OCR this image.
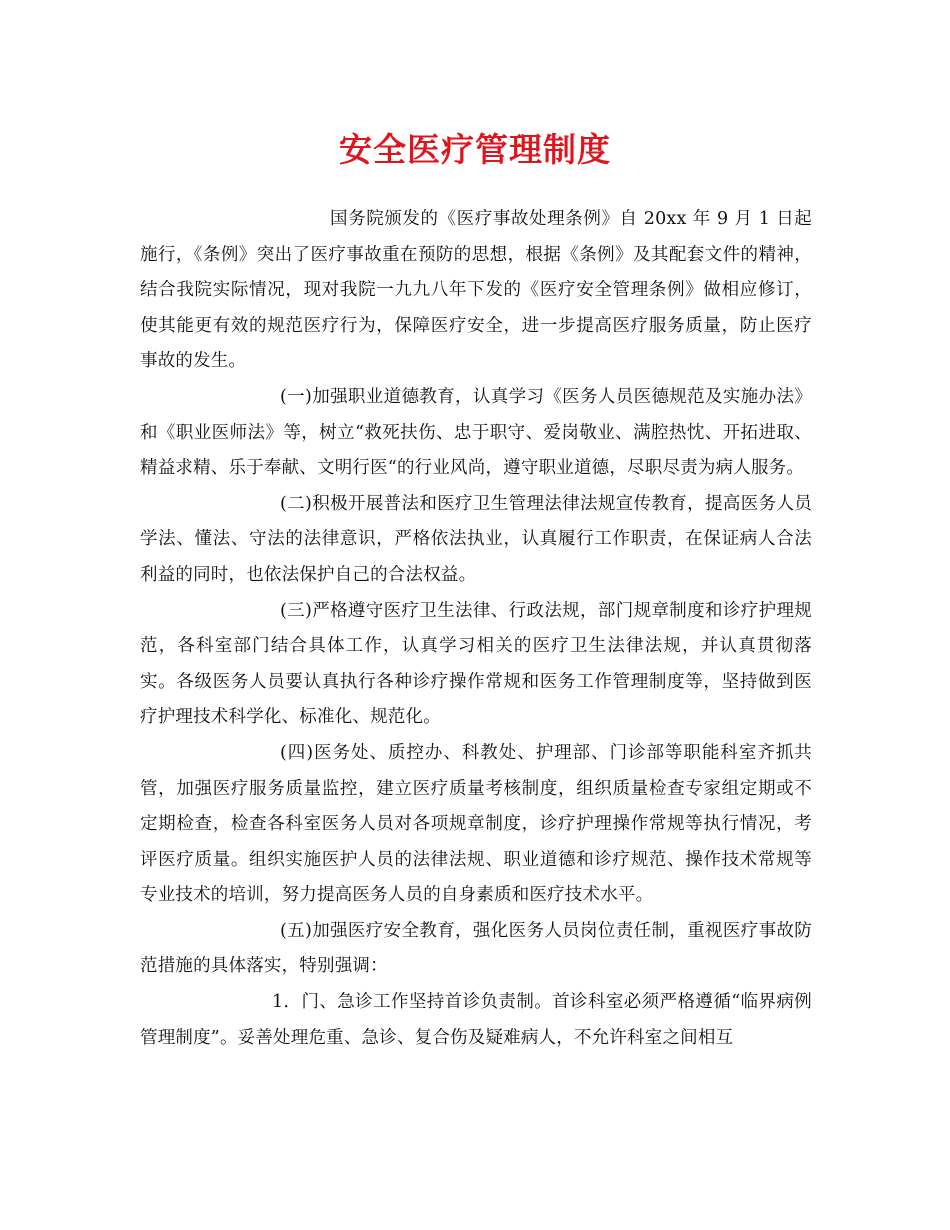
安全医疗管理制度

国务院颁发的《医疗事故处理条例》自 20xx 年 9 月 1 日起施行，《条例》突出了医疗事故重在预防的思想，根据《条例》及其配套文件的精神，结合我院实际情况，现对我院一九九八年下发的《医疗安全管理条例》做相应修订，使其能更有效的规范医疗行为，保障医疗安全，进一步提高医疗服务质量，防止医疗事故的发生。

(一)加强职业道德教育，认真学习《医务人员医德规范及实施办法》和《职业医师法》等，树立“救死扶伤、忠于职守、爱岗敬业、满腔热忱、开拓进取、精益求精、乐于奉献、文明行医“的行业风尚，遵守职业道德，尽职尽责为病人服务。

(二)积极开展普法和医疗卫生管理法律法规宣传教育，提高医务人员学法、懂法、守法的法律意识，严格依法执业，认真履行工作职责，在保证病人合法利益的同时，也依法保护自己的合法权益。

(三)严格遵守医疗卫生法律、行政法规，部门规章制度和诊疗护理规范，各科室部门结合具体工作，认真学习相关的医疗卫生法律法规，并认真贯彻落实。各级医务人员要认真执行各种诊疗操作常规和医务工作管理制度等，坚持做到医疗护理技术科学化、标准化、规范化。

(四)医务处、质控办、科教处、护理部、门诊部等职能科室齐抓共管，加强医疗服务质量监控，建立医疗质量考核制度，组织质量检查专家组定期或不定期检查，检查各科室医务人员对各项规章制度，诊疗护理操作常规等执行情况，考评医疗质量。组织实施医护人员的法律法规、职业道德和诊疗规范、操作技术常规等专业技术的培训，努力提高医务人员的自身素质和医疗技术水平。

(五)加强医疗安全教育，强化医务人员岗位责任制，重视医疗事故防范措施的具体落实，特别强调：

1．门、急诊工作坚持首诊负责制。首诊科室必须严格遵循“临界病例管理制度”。妥善处理危重、急诊、复合伤及疑难病人，不允许科室之间相互
